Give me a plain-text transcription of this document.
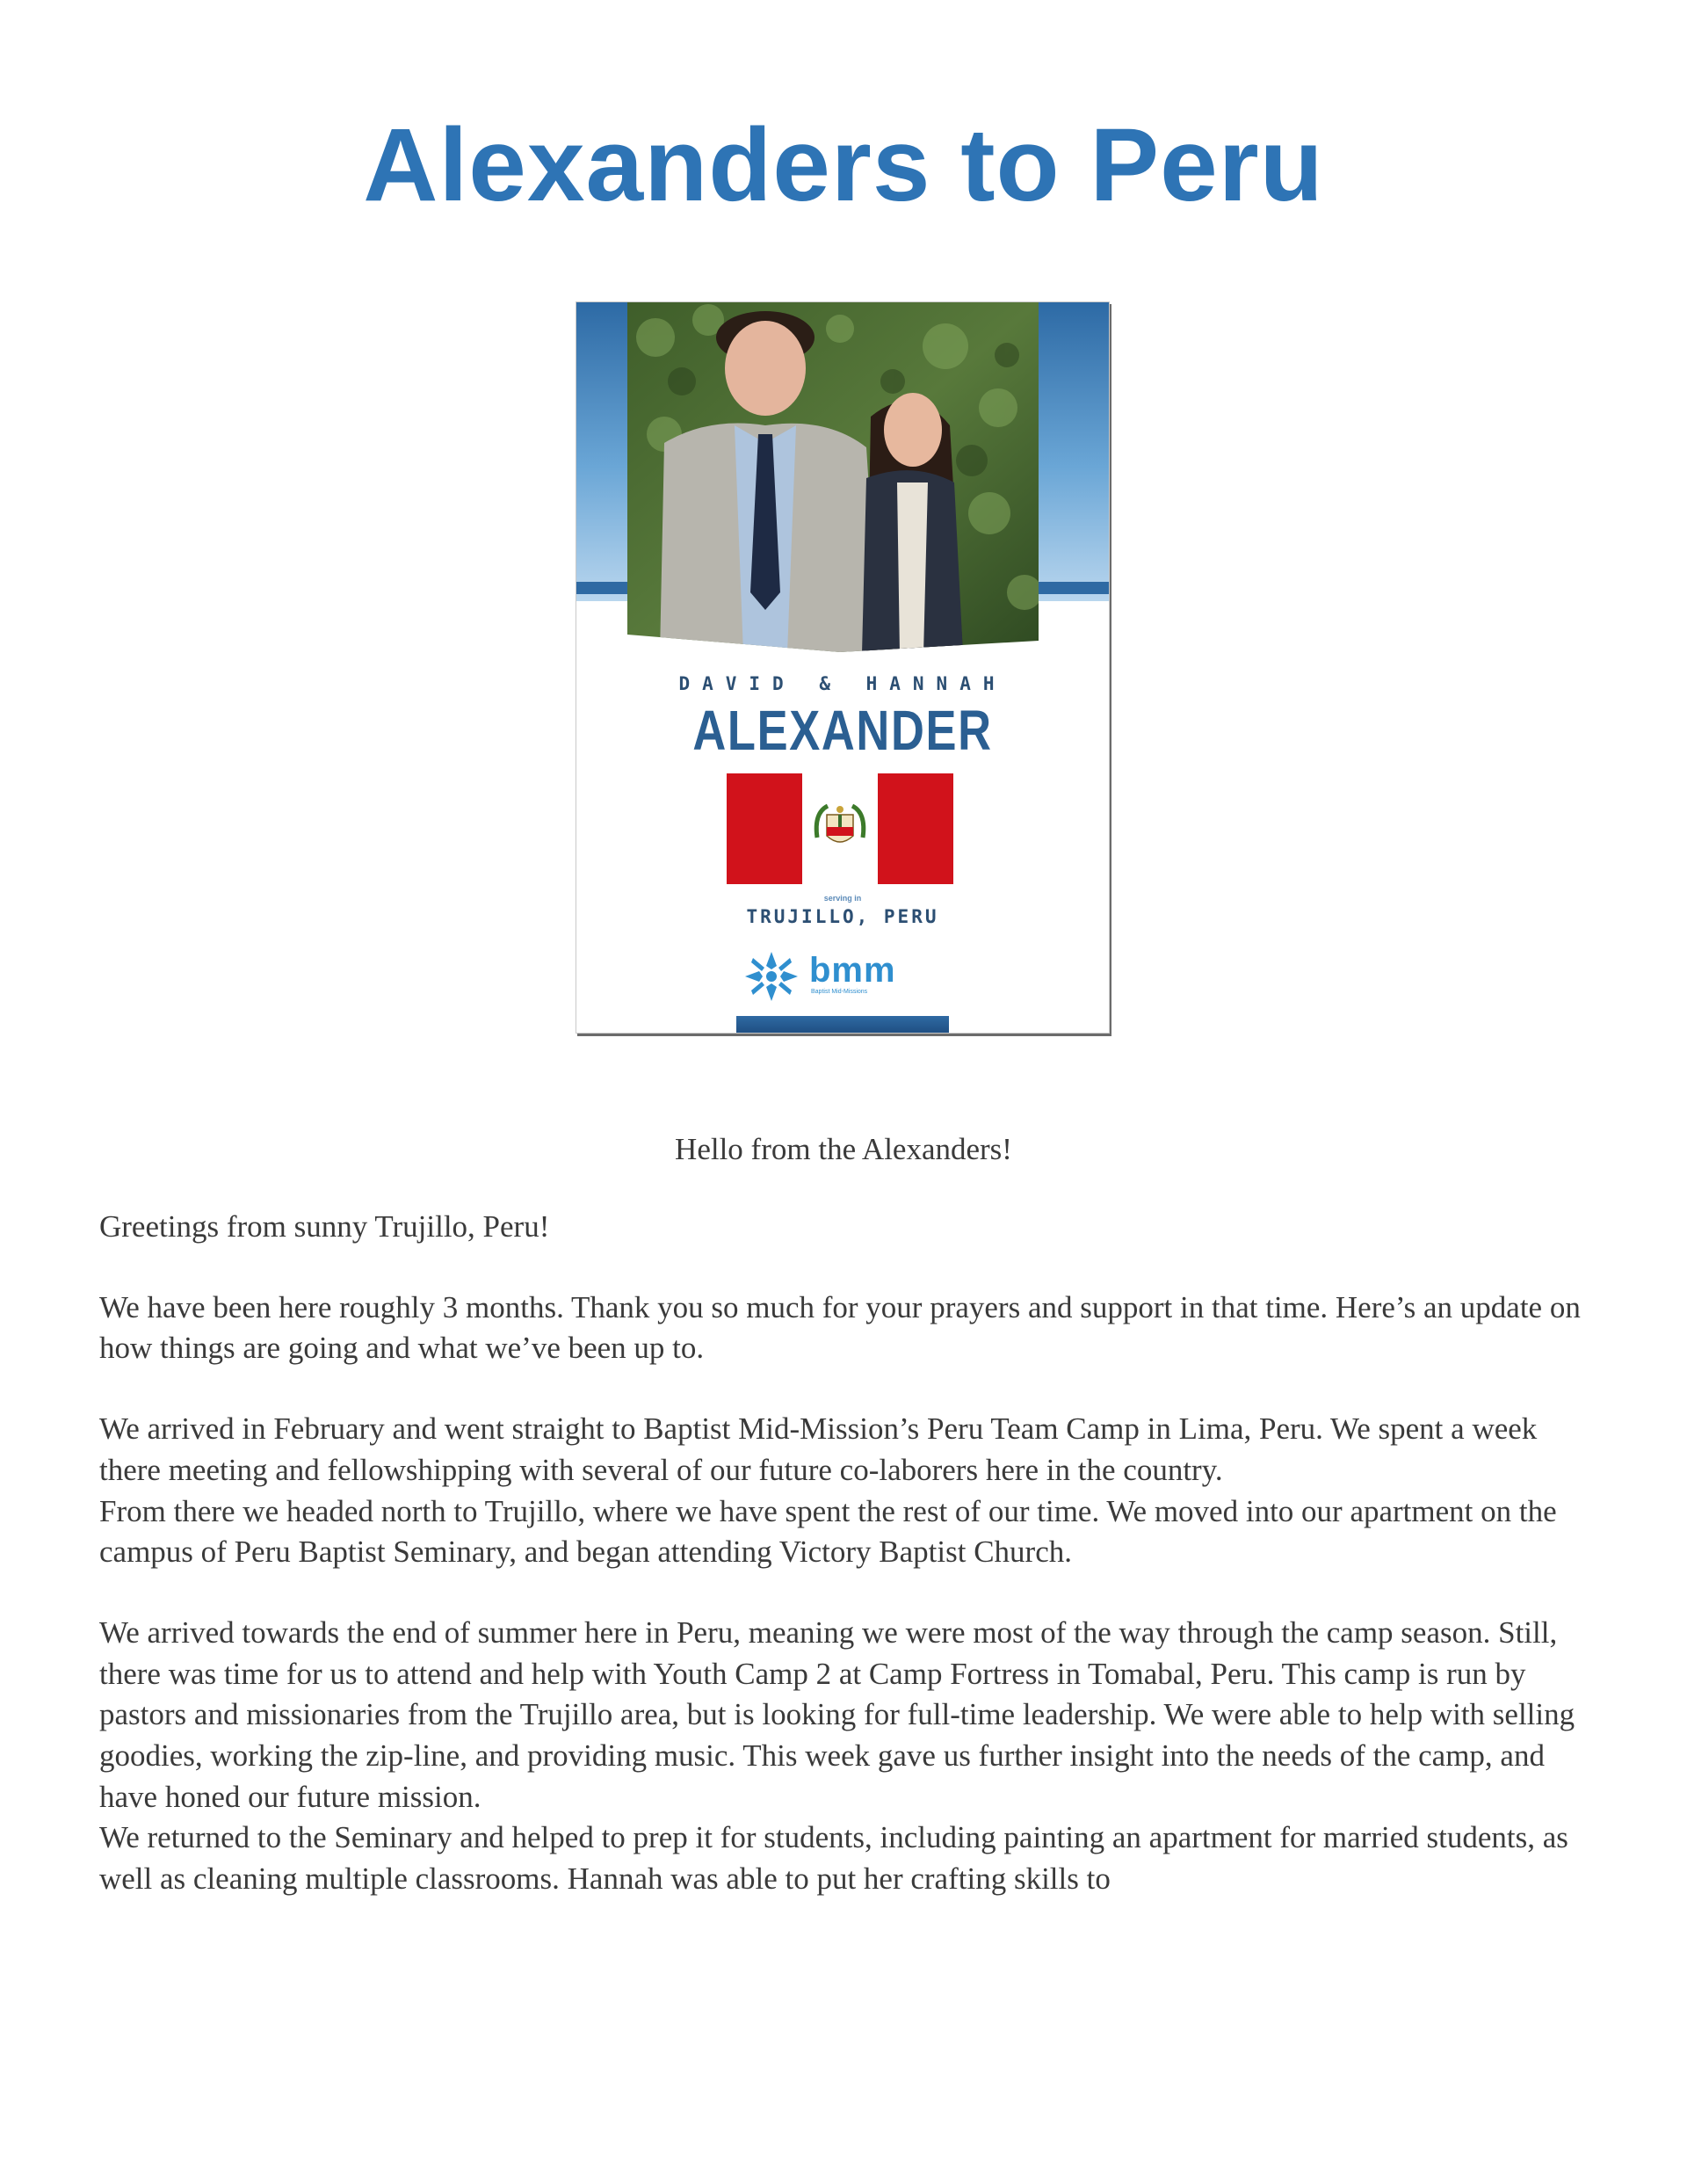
Alexanders to Peru
DAVID & HANNAH
ALEXANDER
serving in
TRUJILLO, PERU
bmm
Baptist Mid-Missions
Hello from the Alexanders!

Greetings from sunny Trujillo, Peru!

We have been here roughly 3 months. Thank you so much for your prayers and support in that time. Here’s an update on how things are going and what we’ve been up to.

We arrived in February and went straight to Baptist Mid-Mission’s Peru Team Camp in Lima, Peru. We spent a week there meeting and fellowshipping with several of our future co-laborers here in the country.

From there we headed north to Trujillo, where we have spent the rest of our time. We moved into our apartment on the campus of Peru Baptist Seminary, and began attending Victory Baptist Church.

We arrived towards the end of summer here in Peru, meaning we were most of the way through the camp season. Still, there was time for us to attend and help with Youth Camp 2 at Camp Fortress in Tomabal, Peru. This camp is run by pastors and missionaries from the Trujillo area, but is looking for full-time leadership. We were able to help with selling goodies, working the zip-line, and providing music. This week gave us further insight into the needs of the camp, and have honed our future mission.

We returned to the Seminary and helped to prep it for students, including painting an apartment for married students, as well as cleaning multiple classrooms. Hannah was able to put her crafting skills to
